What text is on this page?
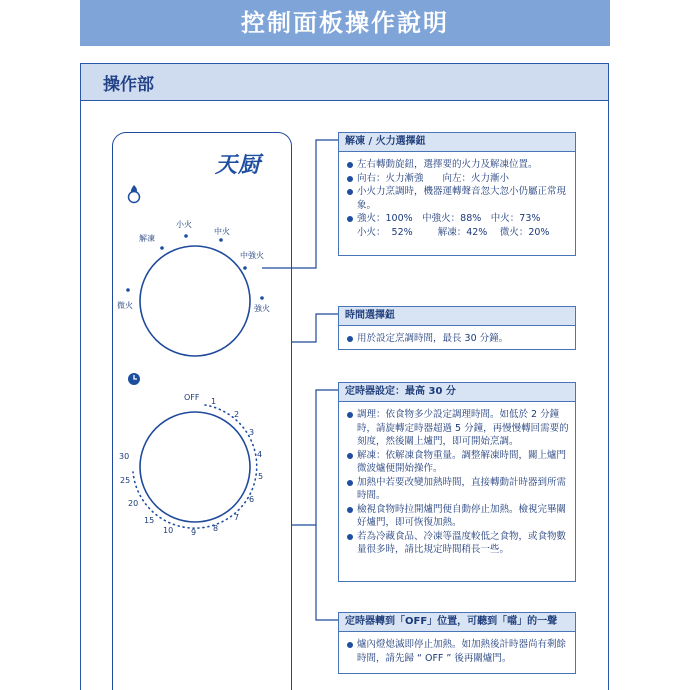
控制面板操作說明
操作部
天厨
解凍
小火
中火
中強火
強火
微火
OFF 1
2
3
4
5
6
7
8
9
10
15
20
25
30
解凍 / 火力選擇鈕
左右轉動旋鈕，選擇要的火力及解凍位置。
向右：火力漸強　　向左：火力漸小
小火力烹調時，機器運轉聲音忽大忽小仍屬正常現象。
強火：100%　中強火：88%　中火：73%
小火：  52%　　  解凍：42%　 微火：20%
時間選擇鈕
用於設定烹調時間，最長 30 分鐘。
定時器設定：最高 30 分
調理：依食物多少設定調理時間。如低於 2 分鐘時，請旋轉定時器超過 5 分鐘，再慢慢轉回需要的刻度，然後關上爐門，即可開始烹調。
解凍：依解凍食物重量。調整解凍時間，關上爐門微波爐便開始操作。
加熱中若要改變加熱時間，直接轉動計時器到所需時間。
檢視食物時拉開爐門便自動停止加熱。檢視完畢關好爐門，即可恢復加熱。
若為冷藏食品、冷凍等溫度較低之食物，或食物數量很多時，請比規定時間稍長一些。
定時器轉到「OFF」位置，可聽到「噹」的一聲
爐內燈熄滅即停止加熱。如加熱後計時器尚有剩餘時間，請先歸 “ OFF ” 後再關爐門。
